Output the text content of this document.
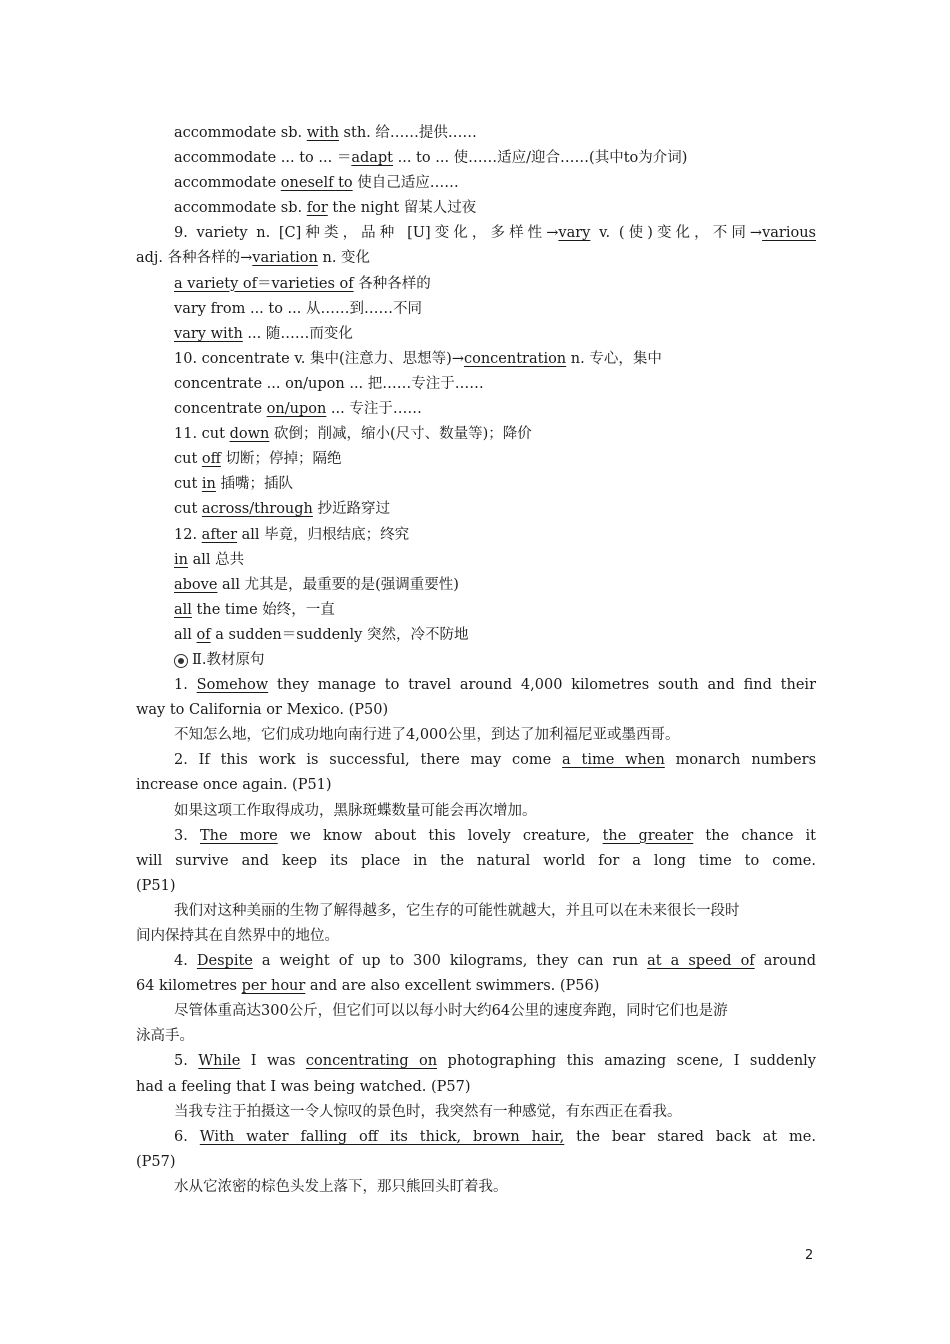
accommodate sb. with sth. 给……提供……
accommodate ... to ... ＝adapt ... to ... 使……适应/迎合……(其中to为介词)
accommodate oneself to 使自己适应……
accommodate sb. for the night 留某人过夜
9. variety n. [C]种类，品种 [U]变化，多样性→vary v. (使)变化，不同→various
adj. 各种各样的→variation n. 变化
a variety of＝varieties of 各种各样的
vary from ... to ... 从……到……不同
vary with ... 随……而变化
10. concentrate v. 集中(注意力、思想等)→concentration n. 专心，集中
concentrate ... on/upon ... 把……专注于……
concentrate on/upon ... 专注于……
11. cut down 砍倒；削减，缩小(尺寸、数量等)；降价
cut off 切断；停掉；隔绝
cut in 插嘴；插队
cut across/through 抄近路穿过
12. after all 毕竟，归根结底；终究
in all 总共
above all 尤其是，最重要的是(强调重要性)
all the time 始终，一直
all of a sudden＝suddenly 突然，冷不防地
Ⅱ.教材原句
1. Somehow they manage to travel around 4,000 kilometres south and find their
way to California or Mexico. (P50)
不知怎么地，它们成功地向南行进了4,000公里，到达了加利福尼亚或墨西哥。
2. If this work is successful, there may come a time when monarch numbers
increase once again. (P51)
如果这项工作取得成功，黑脉斑蝶数量可能会再次增加。
3. The more we know about this lovely creature, the greater the chance it
will survive and keep its place in the natural world for a long time to come.
(P51)
我们对这种美丽的生物了解得越多，它生存的可能性就越大，并且可以在未来很长一段时
间内保持其在自然界中的地位。
4. Despite a weight of up to 300 kilograms, they can run at a speed of around
64 kilometres per hour and are also excellent swimmers. (P56)
尽管体重高达300公斤，但它们可以以每小时大约64公里的速度奔跑，同时它们也是游
泳高手。
5. While I was concentrating on photographing this amazing scene, I suddenly
had a feeling that I was being watched. (P57)
当我专注于拍摄这一令人惊叹的景色时，我突然有一种感觉，有东西正在看我。
6. With water falling off its thick, brown hair, the bear stared back at me.
(P57)
水从它浓密的棕色头发上落下，那只熊回头盯着我。
2
